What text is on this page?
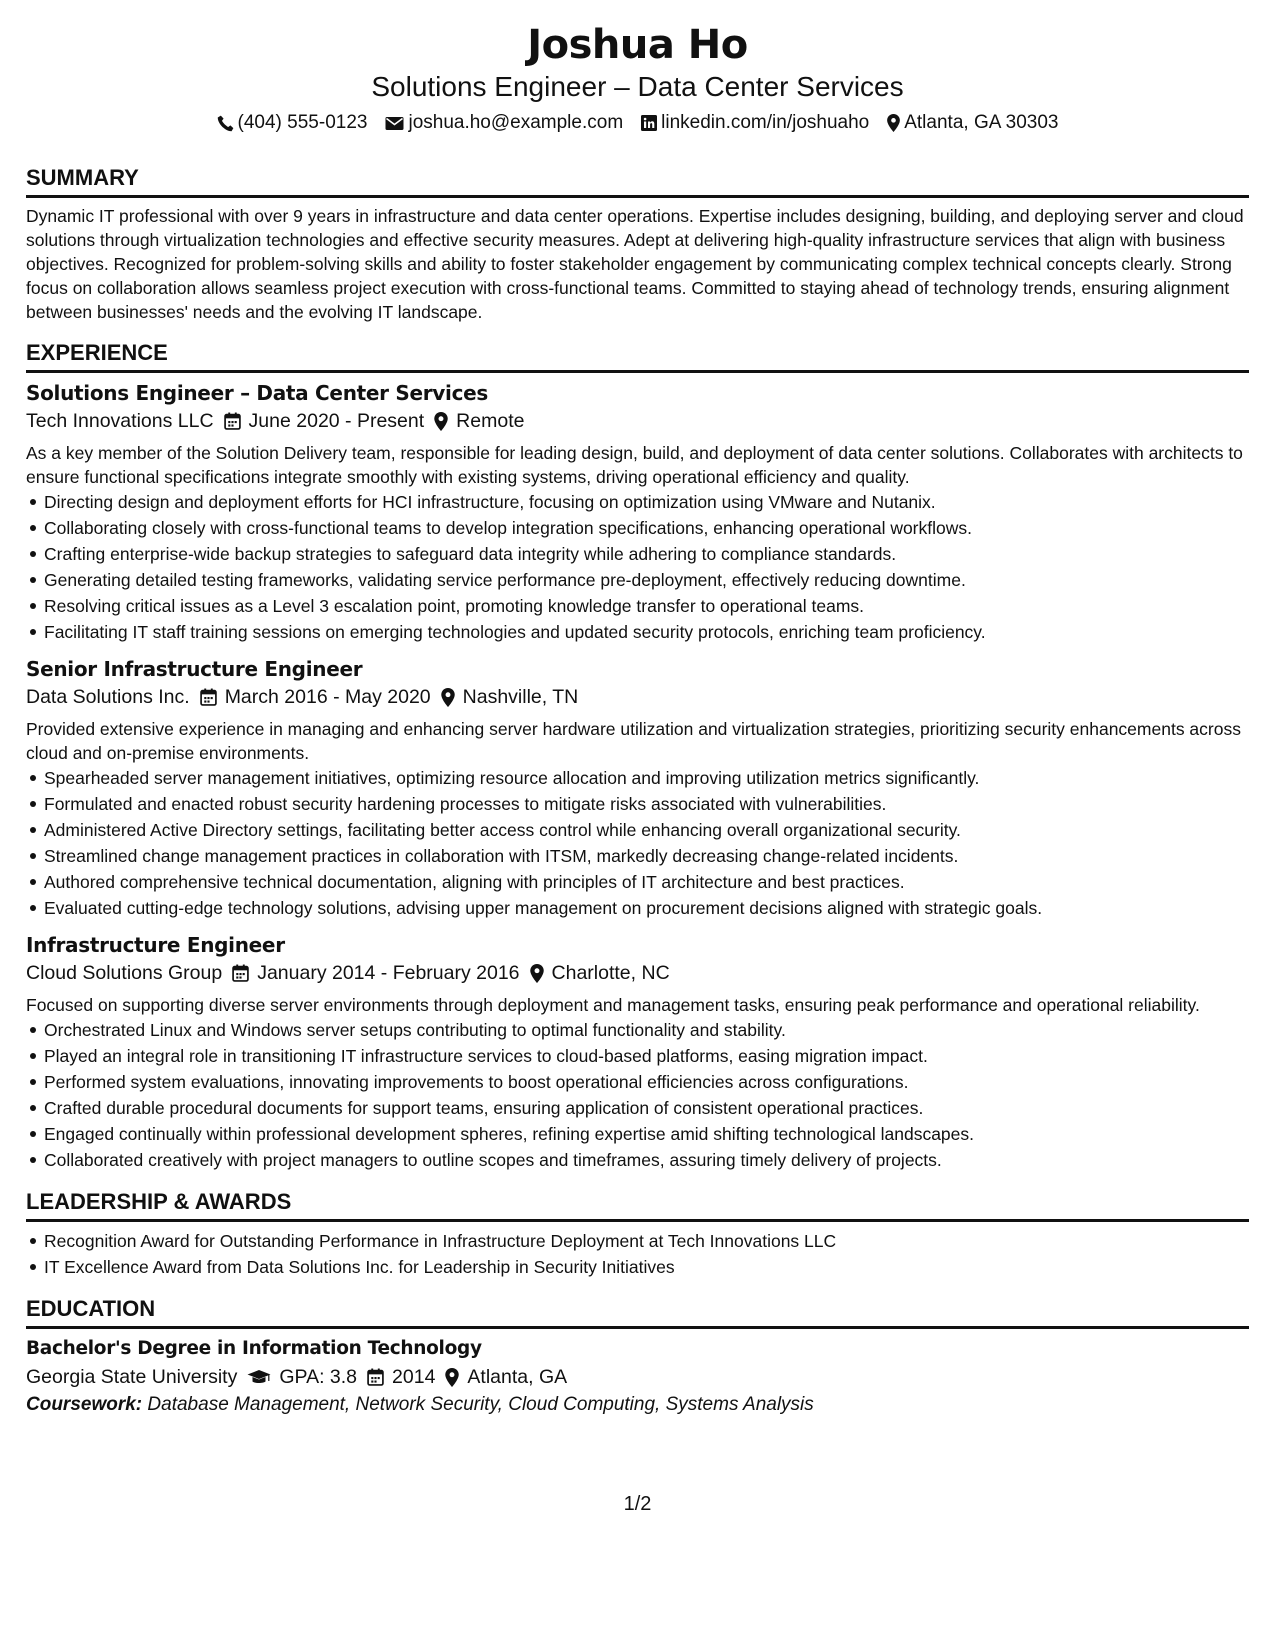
Joshua Ho
Solutions Engineer – Data Center Services
(404) 555-0123 joshua.ho@example.com linkedin.com/in/joshuaho Atlanta, GA 30303
SUMMARY

Dynamic IT professional with over 9 years in infrastructure and data center operations. Expertise includes designing, building, and deploying server and cloud solutions through virtualization technologies and effective security measures. Adept at delivering high-quality infrastructure services that align with business objectives. Recognized for problem-solving skills and ability to foster stakeholder engagement by communicating complex technical concepts clearly. Strong focus on collaboration allows seamless project execution with cross-functional teams. Committed to staying ahead of technology trends, ensuring alignment between businesses' needs and the evolving IT landscape.

EXPERIENCE
Solutions Engineer – Data Center Services
Tech Innovations LLC June 2020 - Present Remote

As a key member of the Solution Delivery team, responsible for leading design, build, and deployment of data center solutions. Collaborates with architects to ensure functional specifications integrate smoothly with existing systems, driving operational efficiency and quality.

Directing design and deployment efforts for HCI infrastructure, focusing on optimization using VMware and Nutanix.
Collaborating closely with cross-functional teams to develop integration specifications, enhancing operational workflows.
Crafting enterprise-wide backup strategies to safeguard data integrity while adhering to compliance standards.
Generating detailed testing frameworks, validating service performance pre-deployment, effectively reducing downtime.
Resolving critical issues as a Level 3 escalation point, promoting knowledge transfer to operational teams.
Facilitating IT staff training sessions on emerging technologies and updated security protocols, enriching team proficiency.
Senior Infrastructure Engineer
Data Solutions Inc. March 2016 - May 2020 Nashville, TN

Provided extensive experience in managing and enhancing server hardware utilization and virtualization strategies, prioritizing security enhancements across cloud and on-premise environments.

Spearheaded server management initiatives, optimizing resource allocation and improving utilization metrics significantly.
Formulated and enacted robust security hardening processes to mitigate risks associated with vulnerabilities.
Administered Active Directory settings, facilitating better access control while enhancing overall organizational security.
Streamlined change management practices in collaboration with ITSM, markedly decreasing change-related incidents.
Authored comprehensive technical documentation, aligning with principles of IT architecture and best practices.
Evaluated cutting-edge technology solutions, advising upper management on procurement decisions aligned with strategic goals.
Infrastructure Engineer
Cloud Solutions Group January 2014 - February 2016 Charlotte, NC

Focused on supporting diverse server environments through deployment and management tasks, ensuring peak performance and operational reliability.

Orchestrated Linux and Windows server setups contributing to optimal functionality and stability.
Played an integral role in transitioning IT infrastructure services to cloud-based platforms, easing migration impact.
Performed system evaluations, innovating improvements to boost operational efficiencies across configurations.
Crafted durable procedural documents for support teams, ensuring application of consistent operational practices.
Engaged continually within professional development spheres, refining expertise amid shifting technological landscapes.
Collaborated creatively with project managers to outline scopes and timeframes, assuring timely delivery of projects.
LEADERSHIP & AWARDS
Recognition Award for Outstanding Performance in Infrastructure Deployment at Tech Innovations LLC
IT Excellence Award from Data Solutions Inc. for Leadership in Security Initiatives
EDUCATION
Bachelor's Degree in Information Technology
Georgia State University GPA: 3.8 2014 Atlanta, GA
Coursework: Database Management, Network Security, Cloud Computing, Systems Analysis
1/2
